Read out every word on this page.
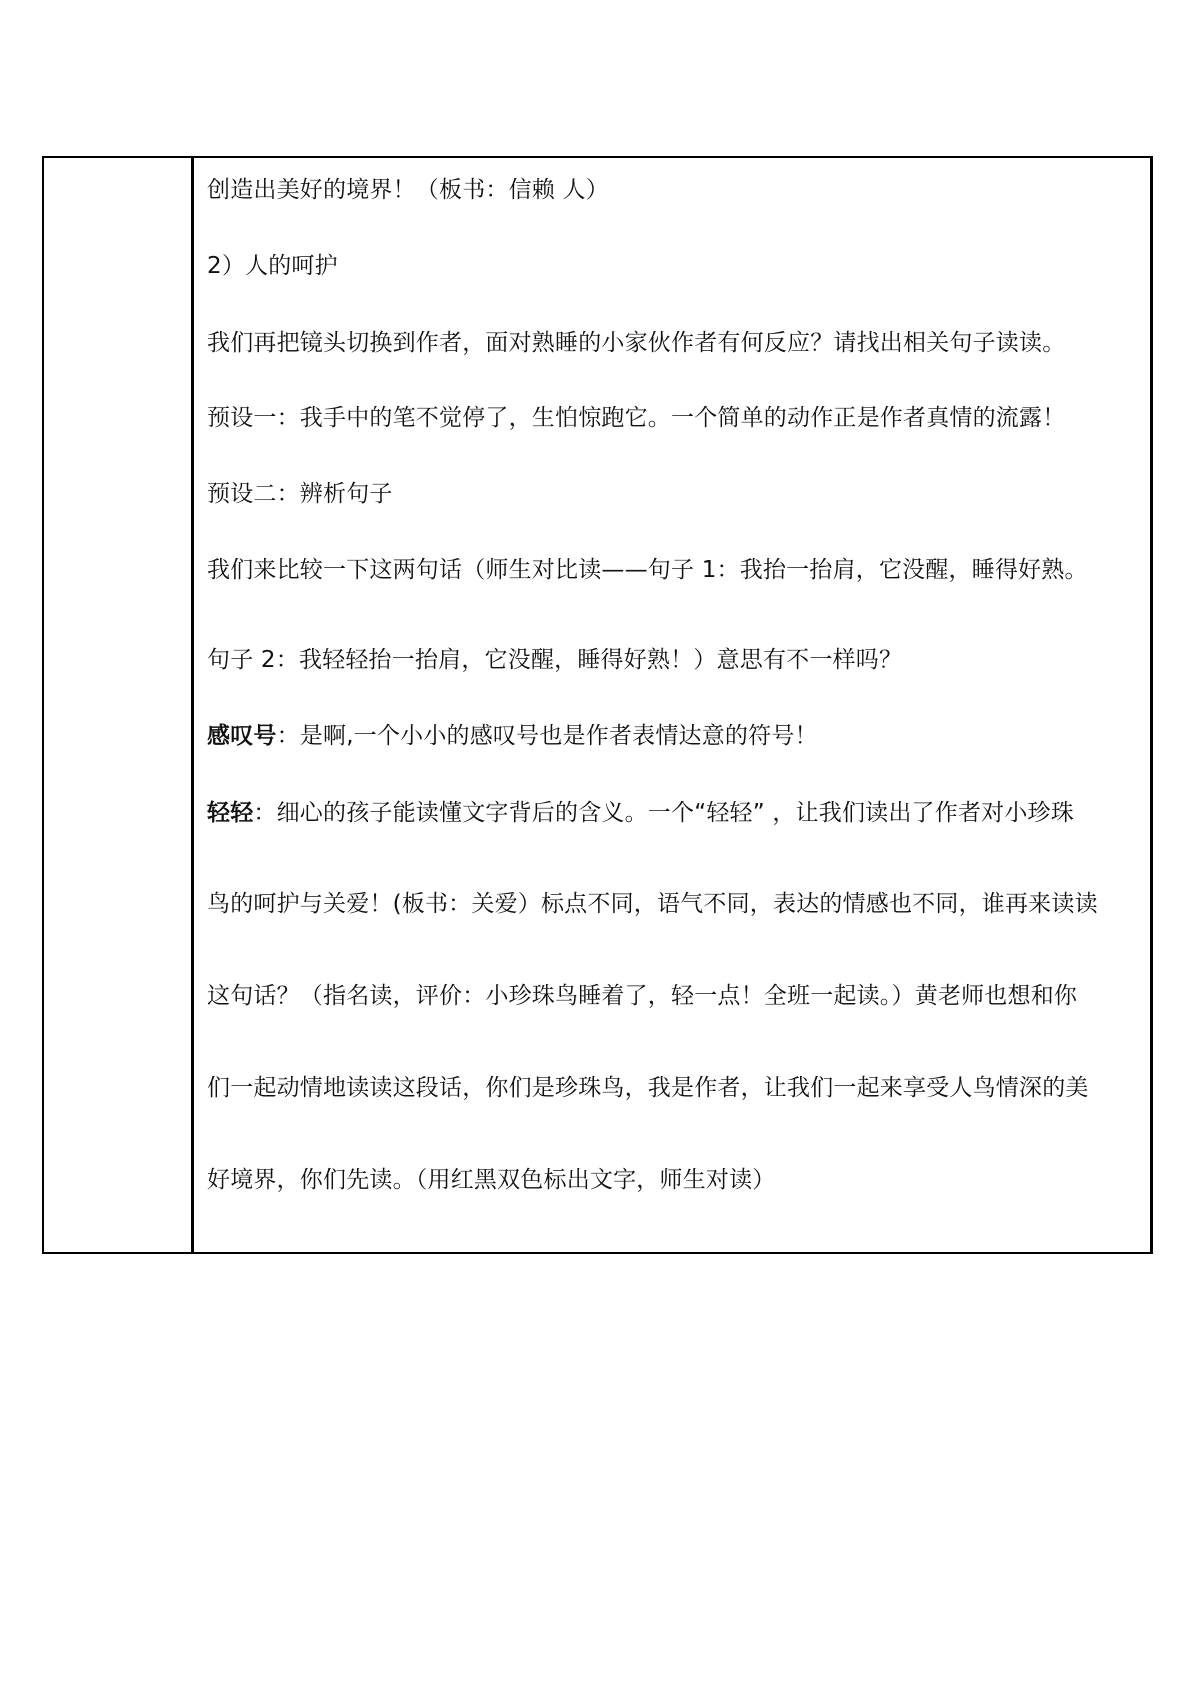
创造出美好的境界！（板书：信赖 人）
2）人的呵护
我们再把镜头切换到作者，面对熟睡的小家伙作者有何反应？请找出相关句子读读。
预设一：我手中的笔不觉停了，生怕惊跑它。一个简单的动作正是作者真情的流露！
预设二：辨析句子
我们来比较一下这两句话（师生对比读——句子 1：我抬一抬肩，它没醒，睡得好熟。
句子 2：我轻轻抬一抬肩，它没醒，睡得好熟！）意思有不一样吗？
感叹号：是啊,一个小小的感叹号也是作者表情达意的符号！
轻轻：细心的孩子能读懂文字背后的含义。一个“轻轻” ，让我们读出了作者对小珍珠
鸟的呵护与关爱！(板书：关爱）标点不同，语气不同，表达的情感也不同，谁再来读读
这句话？（指名读，评价：小珍珠鸟睡着了，轻一点！全班一起读。）黄老师也想和你
们一起动情地读读这段话，你们是珍珠鸟，我是作者，让我们一起来享受人鸟情深的美
好境界，你们先读。（用红黑双色标出文字，师生对读）
